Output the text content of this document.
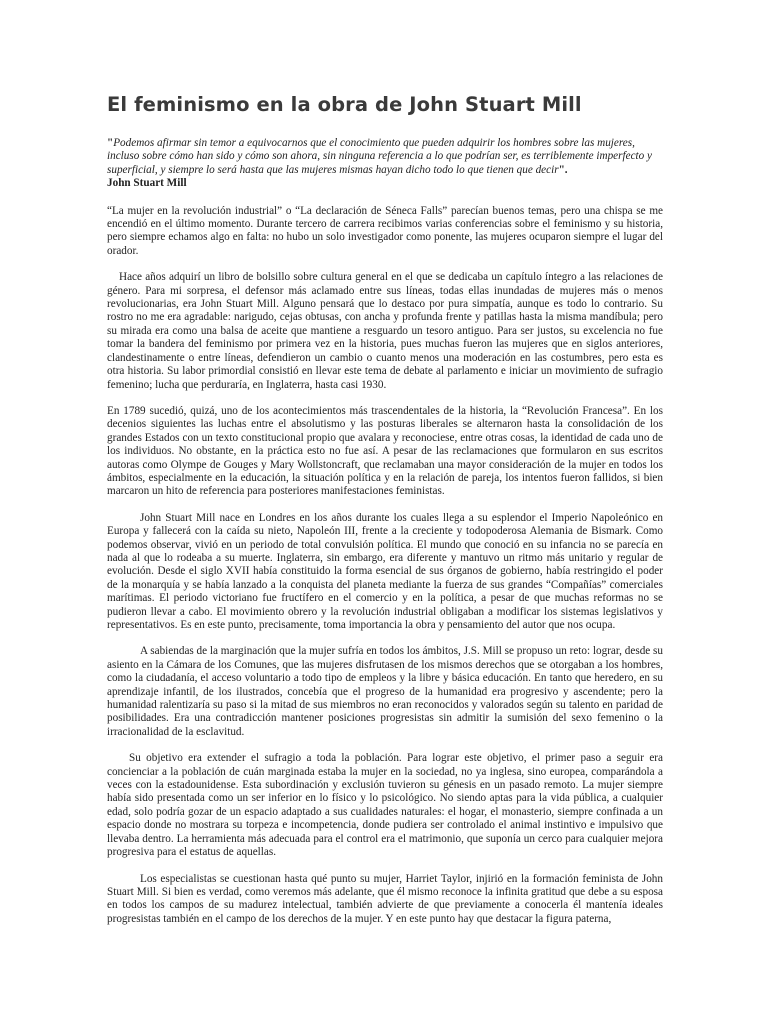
El feminismo en la obra de John Stuart Mill

"Podemos afirmar sin temor a equivocarnos que el conocimiento que pueden adquirir los hombres sobre las mujeres, incluso sobre cómo han sido y cómo son ahora, sin ninguna referencia a lo que podrían ser, es terriblemente imperfecto y superficial, y siempre lo será hasta que las mujeres mismas hayan dicho todo lo que tienen que decir".

John Stuart Mill

“La mujer en la revolución industrial” o “La declaración de Séneca Falls” parecían buenos temas, pero una chispa se me encendió en el último momento. Durante tercero de carrera recibimos varias conferencias sobre el feminismo y su historia, pero siempre echamos algo en falta: no hubo un solo investigador como ponente, las mujeres ocuparon siempre el lugar del orador.

Hace años adquirí un libro de bolsillo sobre cultura general en el que se dedicaba un capítulo íntegro a las relaciones de género. Para mi sorpresa, el defensor más aclamado entre sus líneas, todas ellas inundadas de mujeres más o menos revolucionarias, era John Stuart Mill. Alguno pensará que lo destaco por pura simpatía, aunque es todo lo contrario. Su rostro no me era agradable: narigudo, cejas obtusas, con ancha y profunda frente y patillas hasta la misma mandíbula; pero su mirada era como una balsa de aceite que mantiene a resguardo un tesoro antiguo. Para ser justos, su excelencia no fue tomar la bandera del feminismo por primera vez en la historia, pues muchas fueron las mujeres que en siglos anteriores, clandestinamente o entre líneas, defendieron un cambio o cuanto menos una moderación en las costumbres, pero esta es otra historia. Su labor primordial consistió en llevar este tema de debate al parlamento e iniciar un movimiento de sufragio femenino; lucha que perduraría, en Inglaterra, hasta casi 1930.

En 1789 sucedió, quizá, uno de los acontecimientos más trascendentales de la historia, la “Revolución Francesa”. En los decenios siguientes las luchas entre el absolutismo y las posturas liberales se alternaron hasta la consolidación de los grandes Estados con un texto constitucional propio que avalara y reconociese, entre otras cosas, la identidad de cada uno de los individuos. No obstante, en la práctica esto no fue así. A pesar de las reclamaciones que formularon en sus escritos autoras como Olympe de Gouges y Mary Wollstoncraft, que reclamaban una mayor consideración de la mujer en todos los ámbitos, especialmente en la educación, la situación política y en la relación de pareja, los intentos fueron fallidos, si bien marcaron un hito de referencia para posteriores manifestaciones feministas.

John Stuart Mill nace en Londres en los años durante los cuales llega a su esplendor el Imperio Napoleónico en Europa y fallecerá con la caída su nieto, Napoleón III, frente a la creciente y todopoderosa Alemania de Bismark. Como podemos observar, vivió en un periodo de total convulsión política. El mundo que conoció en su infancia no se parecía en nada al que lo rodeaba a su muerte. Inglaterra, sin embargo, era diferente y mantuvo un ritmo más unitario y regular de evolución. Desde el siglo XVII había constituido la forma esencial de sus órganos de gobierno, había restringido el poder de la monarquía y se había lanzado a la conquista del planeta mediante la fuerza de sus grandes “Compañías” comerciales marítimas. El periodo victoriano fue fructífero en el comercio y en la política, a pesar de que muchas reformas no se pudieron llevar a cabo. El movimiento obrero y la revolución industrial obligaban a modificar los sistemas legislativos y representativos. Es en este punto, precisamente, toma importancia la obra y pensamiento del autor que nos ocupa.

A sabiendas de la marginación que la mujer sufría en todos los ámbitos, J.S. Mill se propuso un reto: lograr, desde su asiento en la Cámara de los Comunes, que las mujeres disfrutasen de los mismos derechos que se otorgaban a los hombres, como la ciudadanía, el acceso voluntario a todo tipo de empleos y la libre y básica educación. En tanto que heredero, en su aprendizaje infantil, de los ilustrados, concebía que el progreso de la humanidad era progresivo y ascendente; pero la humanidad ralentizaría su paso si la mitad de sus miembros no eran reconocidos y valorados según su talento en paridad de posibilidades. Era una contradicción mantener posiciones progresistas sin admitir la sumisión del sexo femenino o la irracionalidad de la esclavitud.

Su objetivo era extender el sufragio a toda la población. Para lograr este objetivo, el primer paso a seguir era concienciar a la población de cuán marginada estaba la mujer en la sociedad, no ya inglesa, sino europea, comparándola a veces con la estadounidense. Esta subordinación y exclusión tuvieron su génesis en un pasado remoto. La mujer siempre había sido presentada como un ser inferior en lo físico y lo psicológico. No siendo aptas para la vida pública, a cualquier edad, solo podría gozar de un espacio adaptado a sus cualidades naturales: el hogar, el monasterio, siempre confinada a un espacio donde no mostrara su torpeza e incompetencia, donde pudiera ser controlado el animal instintivo e impulsivo que llevaba dentro. La herramienta más adecuada para el control era el matrimonio, que suponía un cerco para cualquier mejora progresiva para el estatus de aquellas.

Los especialistas se cuestionan hasta qué punto su mujer, Harriet Taylor, injirió en la formación feminista de John Stuart Mill. Si bien es verdad, como veremos más adelante, que él mismo reconoce la infinita gratitud que debe a su esposa en todos los campos de su madurez intelectual, también advierte de que previamente a conocerla él mantenía ideales progresistas también en el campo de los derechos de la mujer. Y en este punto hay que destacar la figura paterna,
